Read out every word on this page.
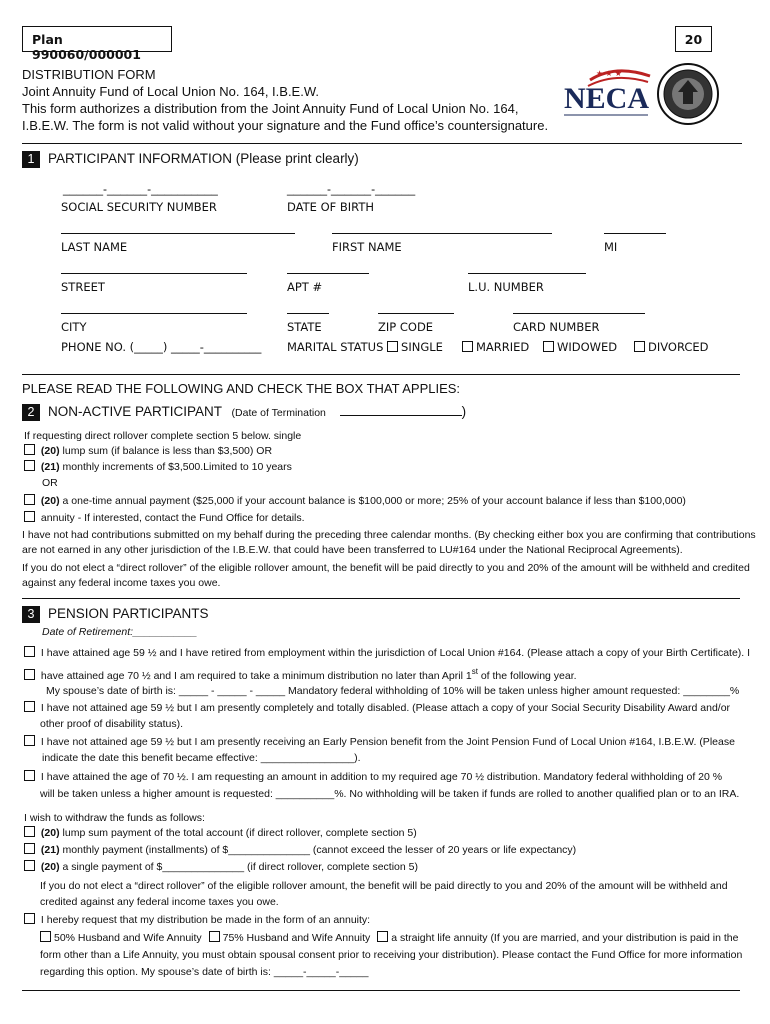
Plan 990060/000001
20
DISTRIBUTION FORM
Joint Annuity Fund of Local Union No. 164, I.B.E.W.
This form authorizes a distribution from the Joint Annuity Fund of Local Union No. 164,
I.B.E.W. The form is not valid without your signature and the Fund office’s countersignature.
★ ★ ★
NECA
1 PARTICIPANT INFORMATION (Please print clearly)
______-______-__________	______-______-______
SOCIAL SECURITY NUMBER	DATE OF BIRTH
LAST NAME	FIRST NAME	MI
STREET	APT #	L.U. NUMBER
CITY	STATE	ZIP CODE	CARD NUMBER
PHONE NO. (_____) _____-__________ MARITAL STATUS SINGLE	MARRIED	WIDOWED	DIVORCED
PLEASE READ THE FOLLOWING AND CHECK THE BOX THAT APPLIES:
2 NON-ACTIVE PARTICIPANT (Date of Termination	)
If requesting direct rollover complete section 5 below. single
(20) lump sum (if balance is less than $3,500) OR
(21) monthly increments of $3,500.Limited to 10 years
OR
(20) a one-time annual payment ($25,000 if your account balance is $100,000 or more; 25% of your account balance if less than $100,000)
annuity - If interested, contact the Fund Office for details.
I have not had contributions submitted on my behalf during the preceding three calendar months. (By checking either box you are confirming that contributions
are not earned in any other jurisdiction of the I.B.E.W. that could have been transferred to LU#164 under the National Reciprocal Agreements).
If you do not elect a “direct rollover” of the eligible rollover amount, the benefit will be paid directly to you and 20% of the amount will be withheld and credited
against any federal income taxes you owe.
3 PENSION PARTICIPANTS
Date of Retirement:___________
I have attained age 59 ½ and I have retired from employment within the jurisdiction of Local Union #164. (Please attach a copy of your Birth Certificate). I
have attained age 70 ½ and I am required to take a minimum distribution no later than April 1st of the following year.
My spouse’s date of birth is: _____ - _____ - _____ Mandatory federal withholding of 10% will be taken unless higher amount requested: ________%
I have not attained age 59 ½ but I am presently completely and totally disabled. (Please attach a copy of your Social Security Disability Award and/or
other proof of disability status).
I have not attained age 59 ½ but I am presently receiving an Early Pension benefit from the Joint Pension Fund of Local Union #164, I.B.E.W. (Please
indicate the date this benefit became effective: ________________).
I have attained the age of 70 ½. I am requesting an amount in addition to my required age 70 ½ distribution. Mandatory federal withholding of 20 %
will be taken unless a higher amount is requested: __________%. No withholding will be taken if funds are rolled to another qualified plan or to an IRA.
I wish to withdraw the funds as follows:
(20) lump sum payment of the total account (if direct rollover, complete section 5)
(21) monthly payment (installments) of $______________ (cannot exceed the lesser of 20 years or life expectancy)
(20) a single payment of $______________ (if direct rollover, complete section 5)
If you do not elect a “direct rollover” of the eligible rollover amount, the benefit will be paid directly to you and 20% of the amount will be withheld and
credited against any federal income taxes you owe.
I hereby request that my distribution be made in the form of an annuity:
50% Husband and Wife Annuity 75% Husband and Wife Annuity a straight life annuity (If you are married, and your distribution is paid in the
form other than a Life Annuity, you must obtain spousal consent prior to receiving your distribution). Please contact the Fund Office for more information
regarding this option. My spouse’s date of birth is: _____-_____-_____
